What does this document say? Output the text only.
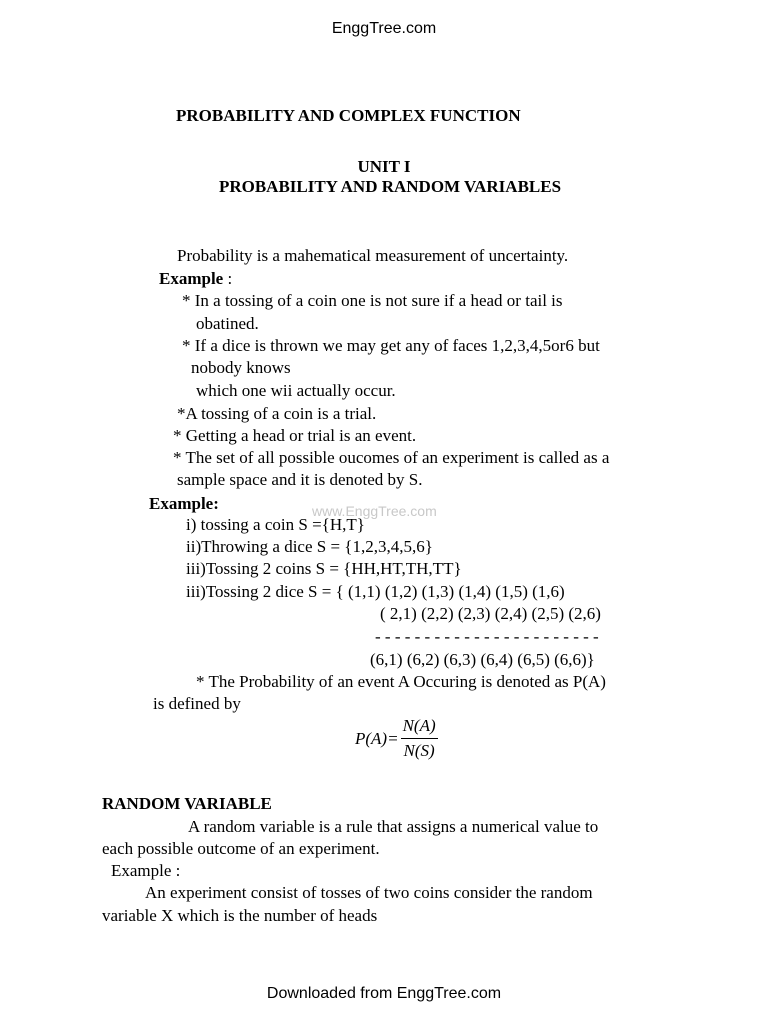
EnggTree.com
PROBABILITY AND COMPLEX FUNCTION
UNIT I
PROBABILITY AND RANDOM VARIABLES
Probability is a mahematical measurement of uncertainty.
Example :
* In a tossing of a coin one is not sure if a head or tail is
obatined.
* If a dice is thrown we may get any of faces 1,2,3,4,5or6 but
nobody knows
which one wii actually occur.
*A tossing of a coin is a trial.
* Getting a head or trial is an event.
* The set of all possible oucomes of an experiment is called as a
sample space and it is denoted by S.
Example:	www.EnggTree.com
i) tossing a coin S ={H,T}
ii)Throwing a dice S = {1,2,3,4,5,6}
iii)Tossing 2 coins S = {HH,HT,TH,TT}
iii)Tossing 2 dice S = { (1,1) (1,2) (1,3) (1,4) (1,5) (1,6)
( 2,1) (2,2) (2,3) (2,4) (2,5) (2,6)
- - - - - - - - - - - - - - - - - - - - - - -
(6,1) (6,2) (6,3) (6,4) (6,5) (6,6)}
* The Probability of an event A Occuring is denoted as P(A)
is defined by
$P(A)= \frac{N(A)}{N(S)}$
RANDOM VARIABLE
A random variable is a rule that assigns a numerical value to
each possible outcome of an experiment.
Example :
An experiment consist of tosses of two coins consider the random
variable X which is the number of heads
Downloaded from EnggTree.com
